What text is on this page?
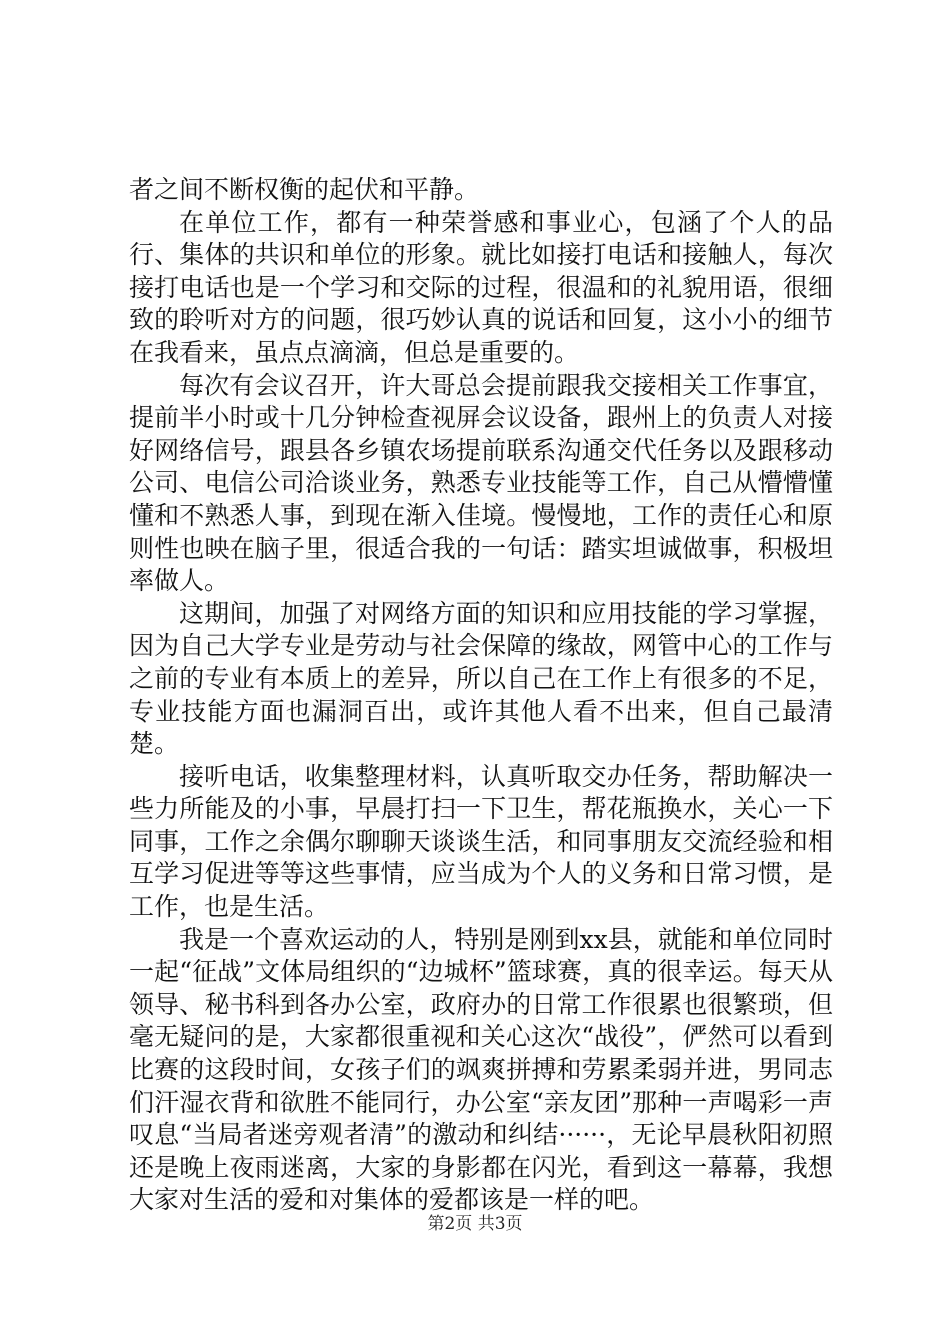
者之间不断权衡的起伏和平静。

在单位工作，都有一种荣誉感和事业心，包涵了个人的品行、集体的共识和单位的形象。就比如接打电话和接触人，每次接打电话也是一个学习和交际的过程，很温和的礼貌用语，很细致的聆听对方的问题，很巧妙认真的说话和回复，这小小的细节在我看来，虽点点滴滴，但总是重要的。

每次有会议召开，许大哥总会提前跟我交接相关工作事宜，提前半小时或十几分钟检查视屏会议设备，跟州上的负责人对接好网络信号，跟县各乡镇农场提前联系沟通交代任务以及跟移动公司、电信公司洽谈业务，熟悉专业技能等工作，自己从懵懵懂懂和不熟悉人事，到现在渐入佳境。慢慢地，工作的责任心和原则性也映在脑子里，很适合我的一句话：踏实坦诚做事，积极坦率做人。

这期间，加强了对网络方面的知识和应用技能的学习掌握，因为自己大学专业是劳动与社会保障的缘故，网管中心的工作与之前的专业有本质上的差异，所以自己在工作上有很多的不足，专业技能方面也漏洞百出，或许其他人看不出来，但自己最清楚。

接听电话，收集整理材料，认真听取交办任务，帮助解决一些力所能及的小事，早晨打扫一下卫生，帮花瓶换水，关心一下同事，工作之余偶尔聊聊天谈谈生活，和同事朋友交流经验和相互学习促进等等这些事情，应当成为个人的义务和日常习惯，是工作，也是生活。

我是一个喜欢运动的人，特别是刚到xx县，就能和单位同时一起“征战”文体局组织的“边城杯”篮球赛，真的很幸运。每天从领导、秘书科到各办公室，政府办的日常工作很累也很繁琐，但毫无疑问的是，大家都很重视和关心这次“战役”，俨然可以看到比赛的这段时间，女孩子们的飒爽拼搏和劳累柔弱并进，男同志们汗湿衣背和欲胜不能同行，办公室“亲友团”那种一声喝彩一声叹息“当局者迷旁观者清”的激动和纠结······，无论早晨秋阳初照还是晚上夜雨迷离，大家的身影都在闪光，看到这一幕幕，我想大家对生活的爱和对集体的爱都该是一样的吧。

第2页 共3页
